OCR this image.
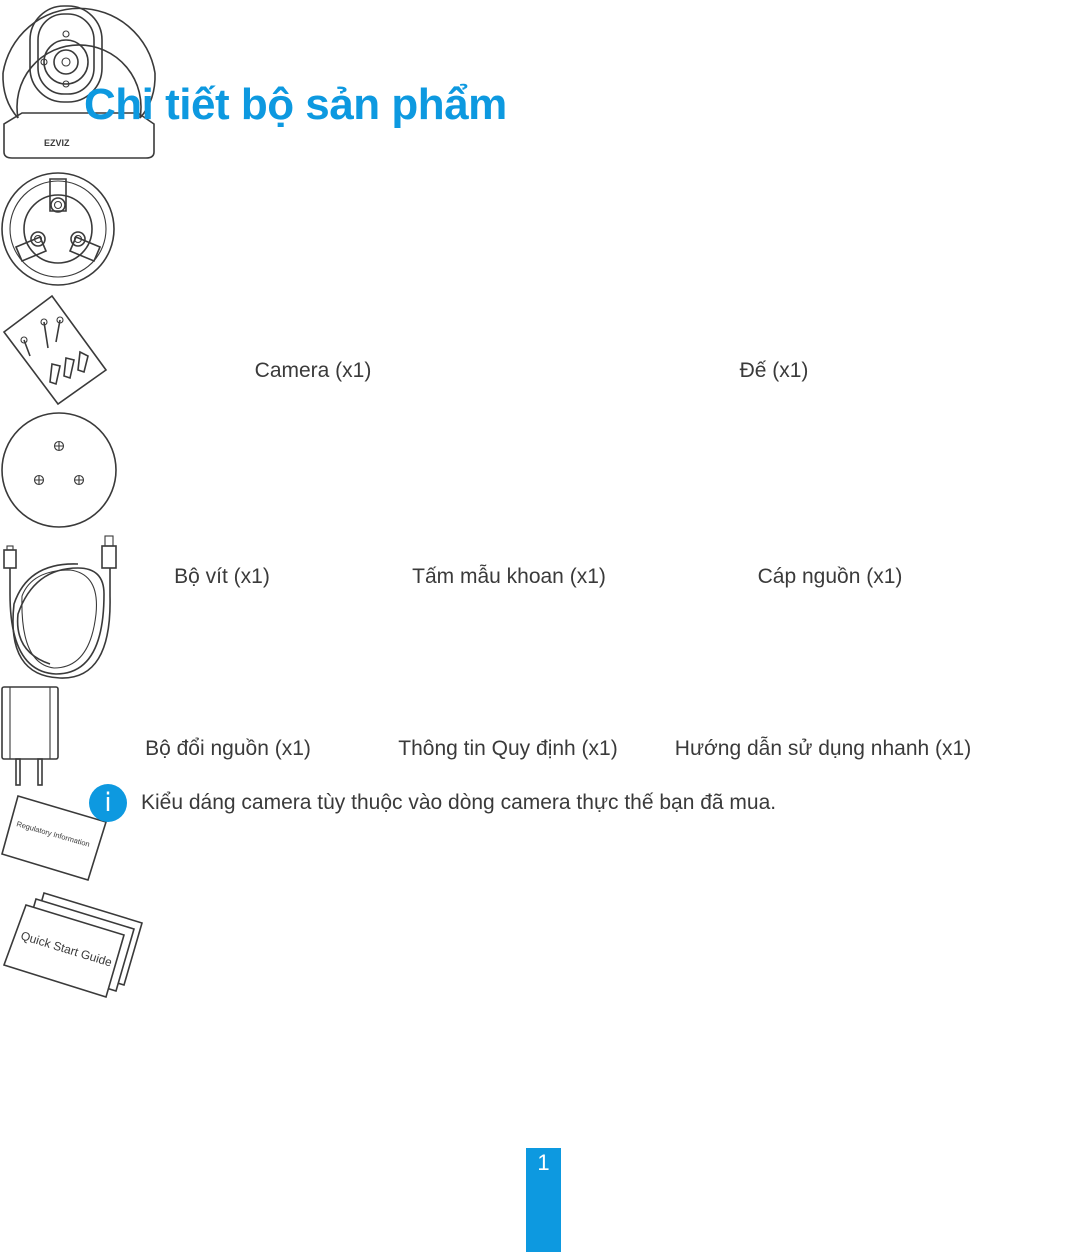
Chi tiết bộ sản phẩm
EZVIZ
Camera (x1)	Đế (x1)
Bộ vít (x1)	Tấm mẫu khoan (x1)	Cáp nguồn (x1)
Bộ đổi nguồn (x1)
Regulatory Information
Thông tin Quy định (x1)
Quick Start Guide
Hướng dẫn sử dụng nhanh (x1)
i	Kiểu dáng camera tùy thuộc vào dòng camera thực thế bạn đã mua.
1
